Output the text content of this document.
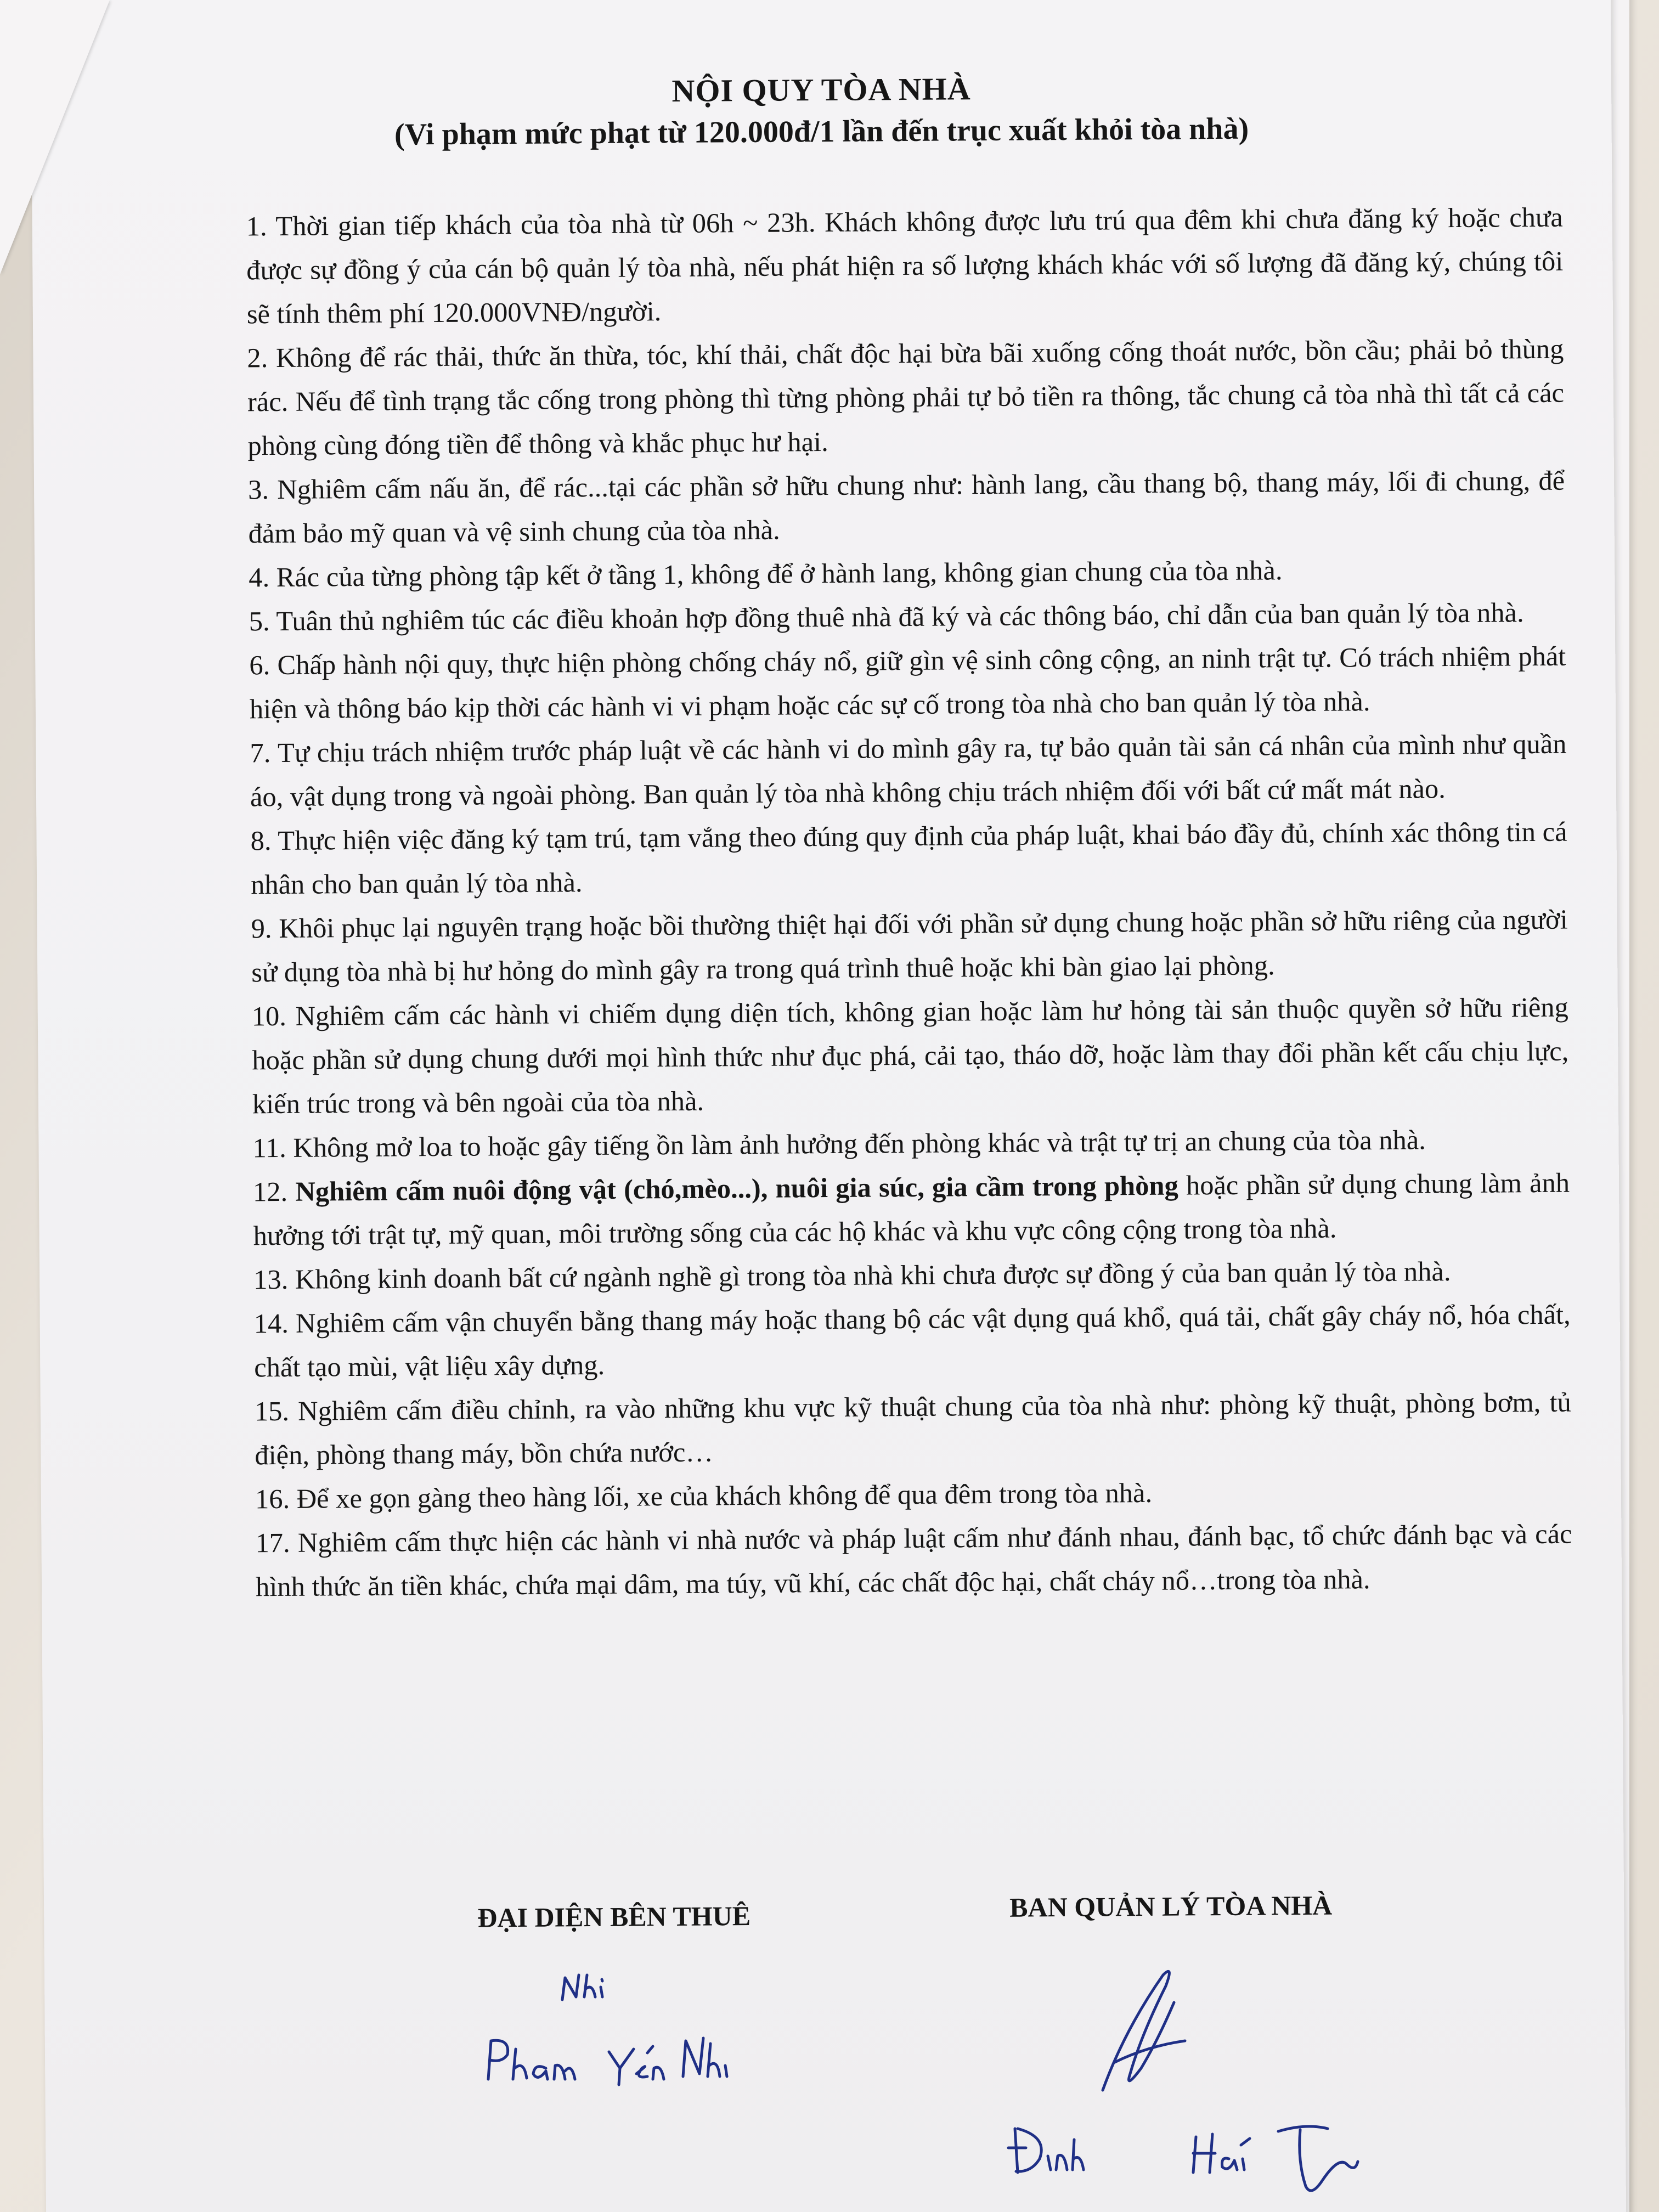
NỘI QUY TÒA NHÀ
(Vi phạm mức phạt từ 120.000đ/1 lần đến trục xuất khỏi tòa nhà)

1. Thời gian tiếp khách của tòa nhà từ 06h ~ 23h. Khách không được lưu trú qua đêm khi chưa đăng ký hoặc chưa được sự đồng ý của cán bộ quản lý tòa nhà, nếu phát hiện ra số lượng khách khác với số lượng đã đăng ký, chúng tôi sẽ tính thêm phí 120.000VNĐ/người.

2. Không để rác thải, thức ăn thừa, tóc, khí thải, chất độc hại bừa bãi xuống cống thoát nước, bồn cầu; phải bỏ thùng rác. Nếu để tình trạng tắc cống trong phòng thì từng phòng phải tự bỏ tiền ra thông, tắc chung cả tòa nhà thì tất cả các phòng cùng đóng tiền để thông và khắc phục hư hại.

3. Nghiêm cấm nấu ăn, để rác...tại các phần sở hữu chung như: hành lang, cầu thang bộ, thang máy, lối đi chung, để đảm bảo mỹ quan và vệ sinh chung của tòa nhà.

4. Rác của từng phòng tập kết ở tầng 1, không để ở hành lang, không gian chung của tòa nhà.

5. Tuân thủ nghiêm túc các điều khoản hợp đồng thuê nhà đã ký và các thông báo, chỉ dẫn của ban quản lý tòa nhà.

6. Chấp hành nội quy, thực hiện phòng chống cháy nổ, giữ gìn vệ sinh công cộng, an ninh trật tự. Có trách nhiệm phát hiện và thông báo kịp thời các hành vi vi phạm hoặc các sự cố trong tòa nhà cho ban quản lý tòa nhà.

7. Tự chịu trách nhiệm trước pháp luật về các hành vi do mình gây ra, tự bảo quản tài sản cá nhân của mình như quần áo, vật dụng trong và ngoài phòng. Ban quản lý tòa nhà không chịu trách nhiệm đối với bất cứ mất mát nào.

8. Thực hiện việc đăng ký tạm trú, tạm vắng theo đúng quy định của pháp luật, khai báo đầy đủ, chính xác thông tin cá nhân cho ban quản lý tòa nhà.

9. Khôi phục lại nguyên trạng hoặc bồi thường thiệt hại đối với phần sử dụng chung hoặc phần sở hữu riêng của người sử dụng tòa nhà bị hư hỏng do mình gây ra trong quá trình thuê hoặc khi bàn giao lại phòng.

10. Nghiêm cấm các hành vi chiếm dụng diện tích, không gian hoặc làm hư hỏng tài sản thuộc quyền sở hữu riêng hoặc phần sử dụng chung dưới mọi hình thức như đục phá, cải tạo, tháo dỡ, hoặc làm thay đổi phần kết cấu chịu lực, kiến trúc trong và bên ngoài của tòa nhà.

11. Không mở loa to hoặc gây tiếng ồn làm ảnh hưởng đến phòng khác và trật tự trị an chung của tòa nhà.

12. Nghiêm cấm nuôi động vật (chó,mèo...), nuôi gia súc, gia cầm trong phòng hoặc phần sử dụng chung làm ảnh hưởng tới trật tự, mỹ quan, môi trường sống của các hộ khác và khu vực công cộng trong tòa nhà.

13. Không kinh doanh bất cứ ngành nghề gì trong tòa nhà khi chưa được sự đồng ý của ban quản lý tòa nhà.

14. Nghiêm cấm vận chuyển bằng thang máy hoặc thang bộ các vật dụng quá khổ, quá tải, chất gây cháy nổ, hóa chất, chất tạo mùi, vật liệu xây dựng.

15. Nghiêm cấm điều chỉnh, ra vào những khu vực kỹ thuật chung của tòa nhà như: phòng kỹ thuật, phòng bơm, tủ điện, phòng thang máy, bồn chứa nước…

16. Để xe gọn gàng theo hàng lối, xe của khách không để qua đêm trong tòa nhà.

17. Nghiêm cấm thực hiện các hành vi nhà nước và pháp luật cấm như đánh nhau, đánh bạc, tổ chức đánh bạc và các hình thức ăn tiền khác, chứa mại dâm, ma túy, vũ khí, các chất độc hại, chất cháy nổ…trong tòa nhà.

ĐẠI DIỆN BÊN THUÊ	BAN QUẢN LÝ TÒA NHÀ
